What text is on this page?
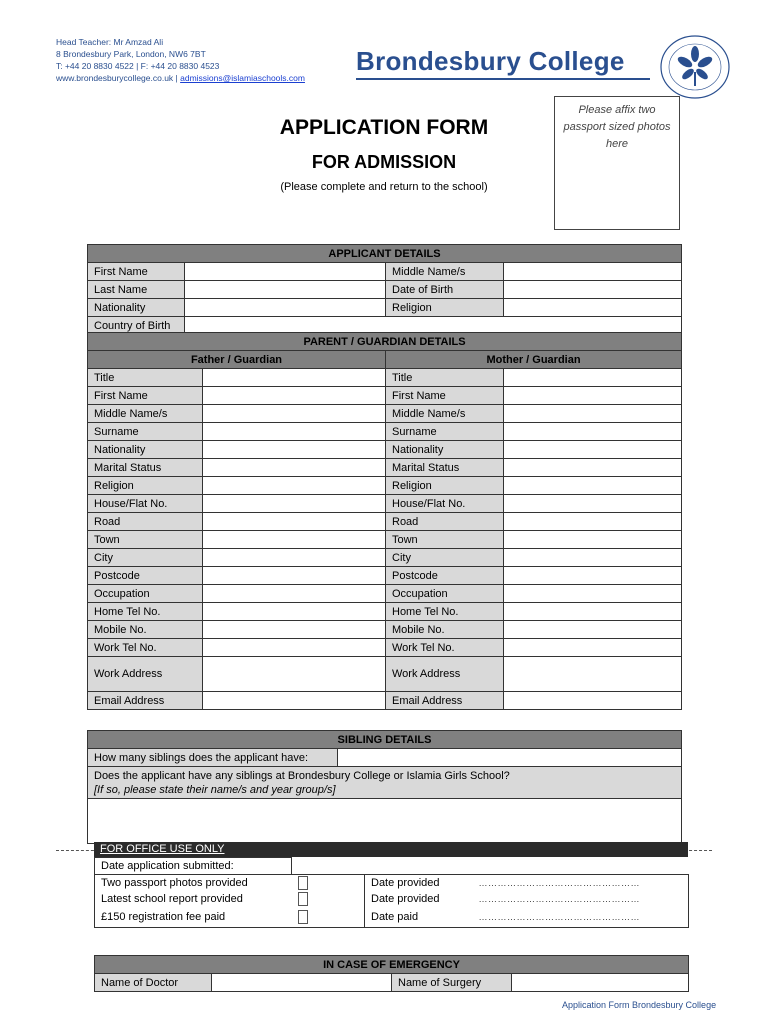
Head Teacher: Mr Amzad Ali
8 Brondesbury Park, London, NW6 7BT
T: +44 20 8830 4522 | F: +44 20 8830 4523
www.brondesburycollege.co.uk | admissions@islamiaschools.com
Brondesbury College
Please affix two passport sized photos here
APPLICATION FORM
FOR ADMISSION
(Please complete and return to the school)
APPLICANT DETAILS			
First Name		Middle Name/s	
Last Name		Date of Birth	
Nationality		Religion	
Country of Birth			
PARENT / GUARDIAN DETAILS			
Father / Guardian		Mother / Guardian	
Title		Title	
First Name		First Name	
Middle Name/s		Middle Name/s	
Surname		Surname	
Nationality		Nationality	
Marital Status		Marital Status	
Religion		Religion	
House/Flat No.		House/Flat No.	
Road		Road	
Town		Town	
City		City	
Postcode		Postcode	
Occupation		Occupation	
Home Tel No.		Home Tel No.	
Mobile No.		Mobile No.	
Work Tel No.		Work Tel No.	
Work Address		Work Address	
Email Address		Email Address	
SIBLING DETAILS
How many siblings does the applicant have:	

Does the applicant have any siblings at Brondesbury College or Islamia Girls School?
[If so, please state their name/s and year group/s]

FOR OFFICE USE ONLY
Date application submitted:			
Two passport photos provided		Date provided	……………………………………………
Latest school report provided		Date provided	……………………………………………
£150 registration fee paid		Date paid	……………………………………………
IN CASE OF EMERGENCY
Name of Doctor		Name of Surgery	
Application Form Brondesbury College
